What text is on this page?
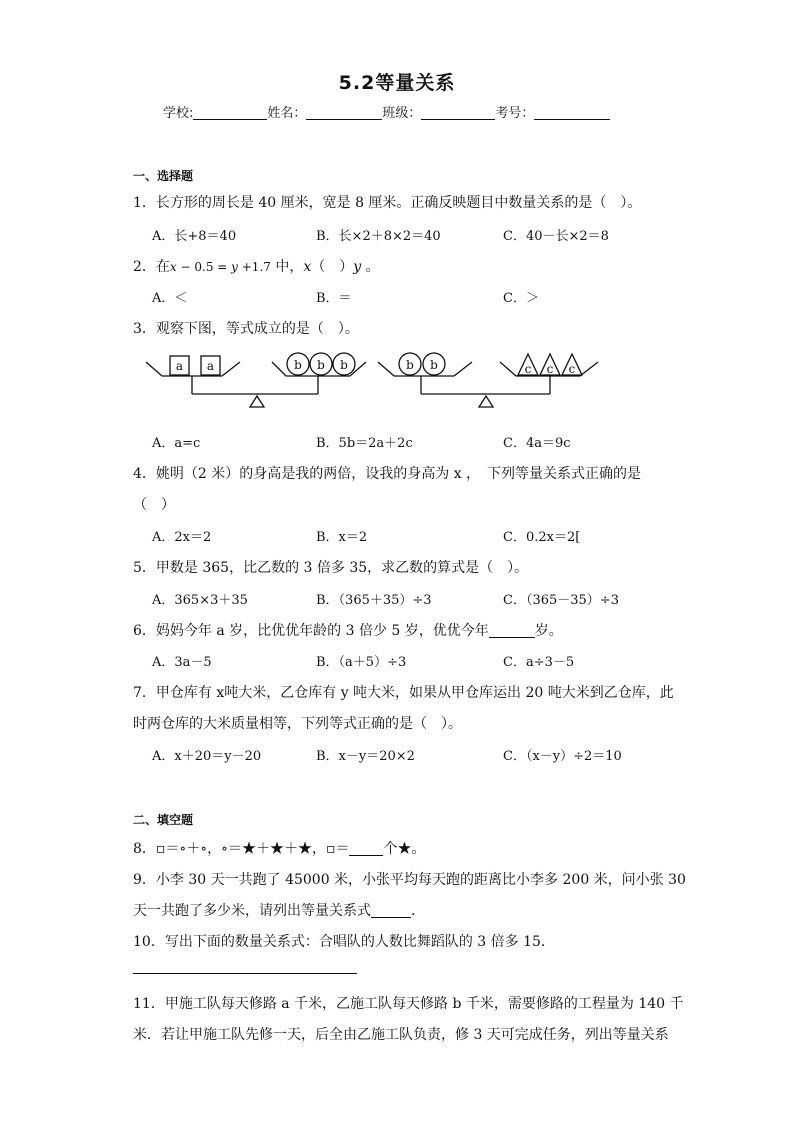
5.2等量关系
学校:	姓名：	班级：	考号：
一、选择题
1．长方形的周长是 40 厘米，宽是 8 厘米。正确反映题目中数量关系的是（　）。
A．长+8＝40	B．长×2＋8×2＝40	C．40－长×2＝8
2．在x − 0.5 = y +1.7 中，x（　）y 。
A．＜	B．＝	C．＞
3．观察下图，等式成立的是（　）。
a a	b b b	b b	c c c
A．a=c	B．5b＝2a＋2c	C．4a＝9c
4．姚明（2 米）的身高是我的两倍，设我的身高为 x ，　下列等量关系式正确的是
（　）
A．2x＝2	B．x＝2	C．0.2x＝2[
5．甲数是 365，比乙数的 3 倍多 35，求乙数的算式是（　）。
A．365×3＋35	B．（365＋35）÷3	C．（365－35）÷3
6．妈妈今年 a 岁，比优优年龄的 3 倍少 5 岁，优优今年	岁。
A．3a－5	B．（a＋5）÷3	C．a÷3－5
7．甲仓库有 x吨大米，乙仓库有 y 吨大米，如果从甲仓库运出 20 吨大米到乙仓库，此
时两仓库的大米质量相等，下列等式正确的是（　）。
A．x＋20＝y－20	B．x－y＝20×2	C．（x－y）÷2＝10
二、填空题
8．▫＝∘＋∘，∘＝★＋★＋★，▫＝ 个★。
9．小李 30 天一共跑了 45000 米，小张平均每天跑的距离比小李多 200 米，问小张 30
天一共跑了多少米，请列出等量关系式	．
10．写出下面的数量关系式：合唱队的人数比舞蹈队的 3 倍多 15．
11．甲施工队每天修路 a 千米，乙施工队每天修路 b 千米，需要修路的工程量为 140 千
米．若让甲施工队先修一天，后全由乙施工队负责，修 3 天可完成任务，列出等量关系
